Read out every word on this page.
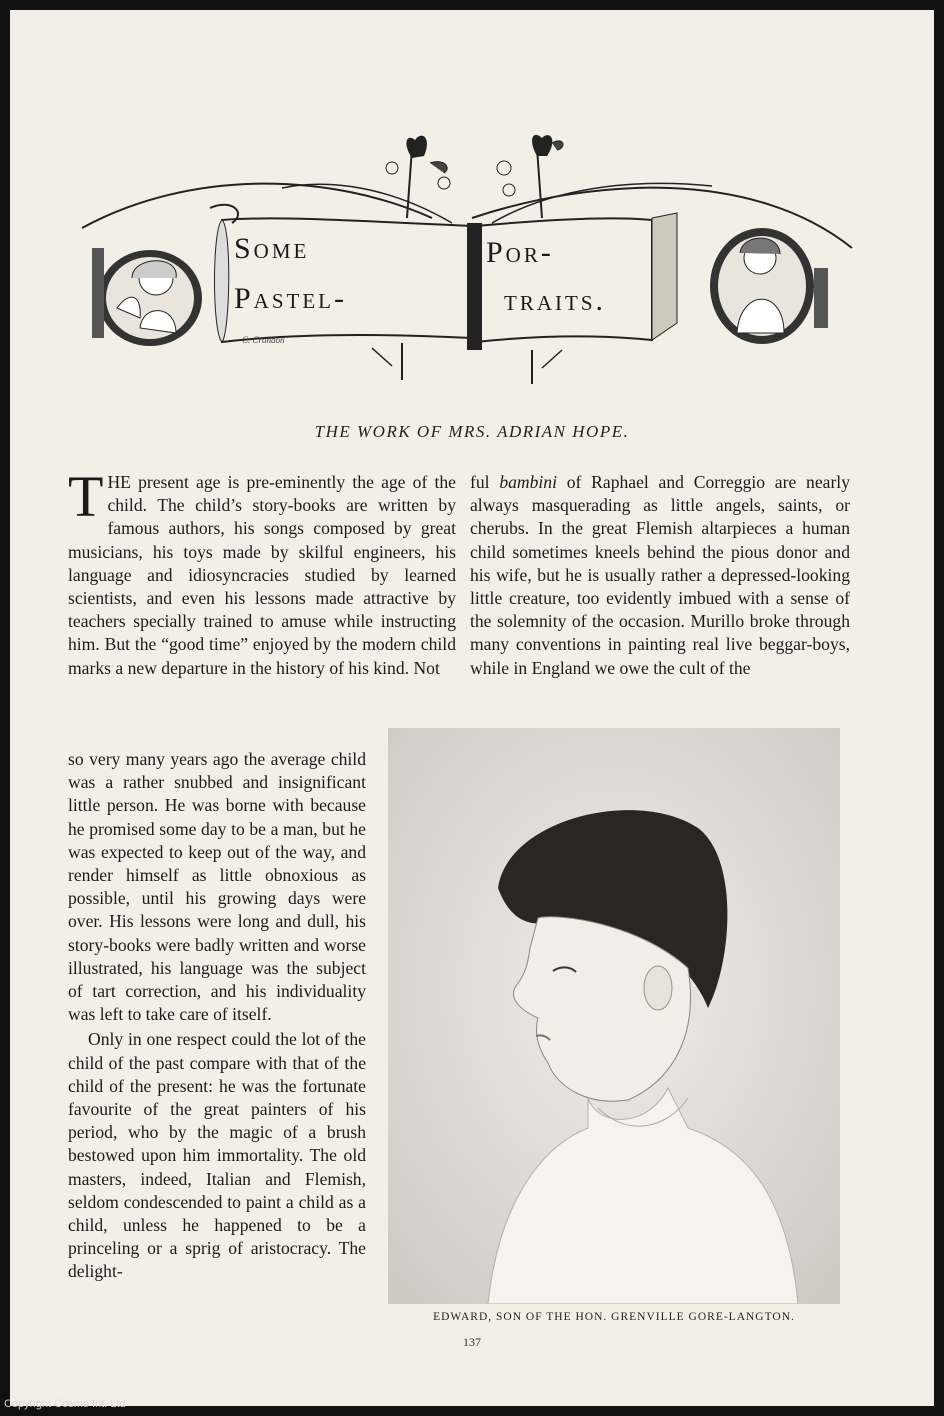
Some
Pastel-
Por-
traits.
C. Crandon
THE WORK OF MRS. ADRIAN HOPE.

THE present age is pre-eminently the age of the child. The child’s story-books are written by famous authors, his songs composed by great musicians, his toys made by skilful engineers, his language and idiosyncracies studied by learned scientists, and even his lessons made attractive by teachers specially trained to amuse while instructing him. But the “good time” enjoyed by the modern child marks a new departure in the history of his kind. Not

ful bambini of Raphael and Correggio are nearly always masquerading as little angels, saints, or cherubs. In the great Flemish altarpieces a human child sometimes kneels behind the pious donor and his wife, but he is usually rather a depressed-looking little creature, too evidently imbued with a sense of the solemnity of the occasion. Murillo broke through many conventions in painting real live beggar-boys, while in England we owe the cult of the

so very many years ago the average child was a rather snubbed and insignificant little person. He was borne with because he promised some day to be a man, but he was expected to keep out of the way, and render himself as little obnoxious as possible, until his growing days were over. His lessons were long and dull, his story-books were badly written and worse illustrated, his language was the subject of tart correction, and his individuality was left to take care of itself.

Only in one respect could the lot of the child of the past compare with that of the child of the present: he was the fortunate favourite of the great painters of his period, who by the magic of a brush bestowed upon him immortality. The old masters, indeed, Italian and Flemish, seldom condescended to paint a child as a child, unless he happened to be a princeling or a sprig of aristocracy. The delight-

EDWARD, SON OF THE HON. GRENVILLE GORE-LANGTON.
137
Copyright Cosmo Int. Ltd
